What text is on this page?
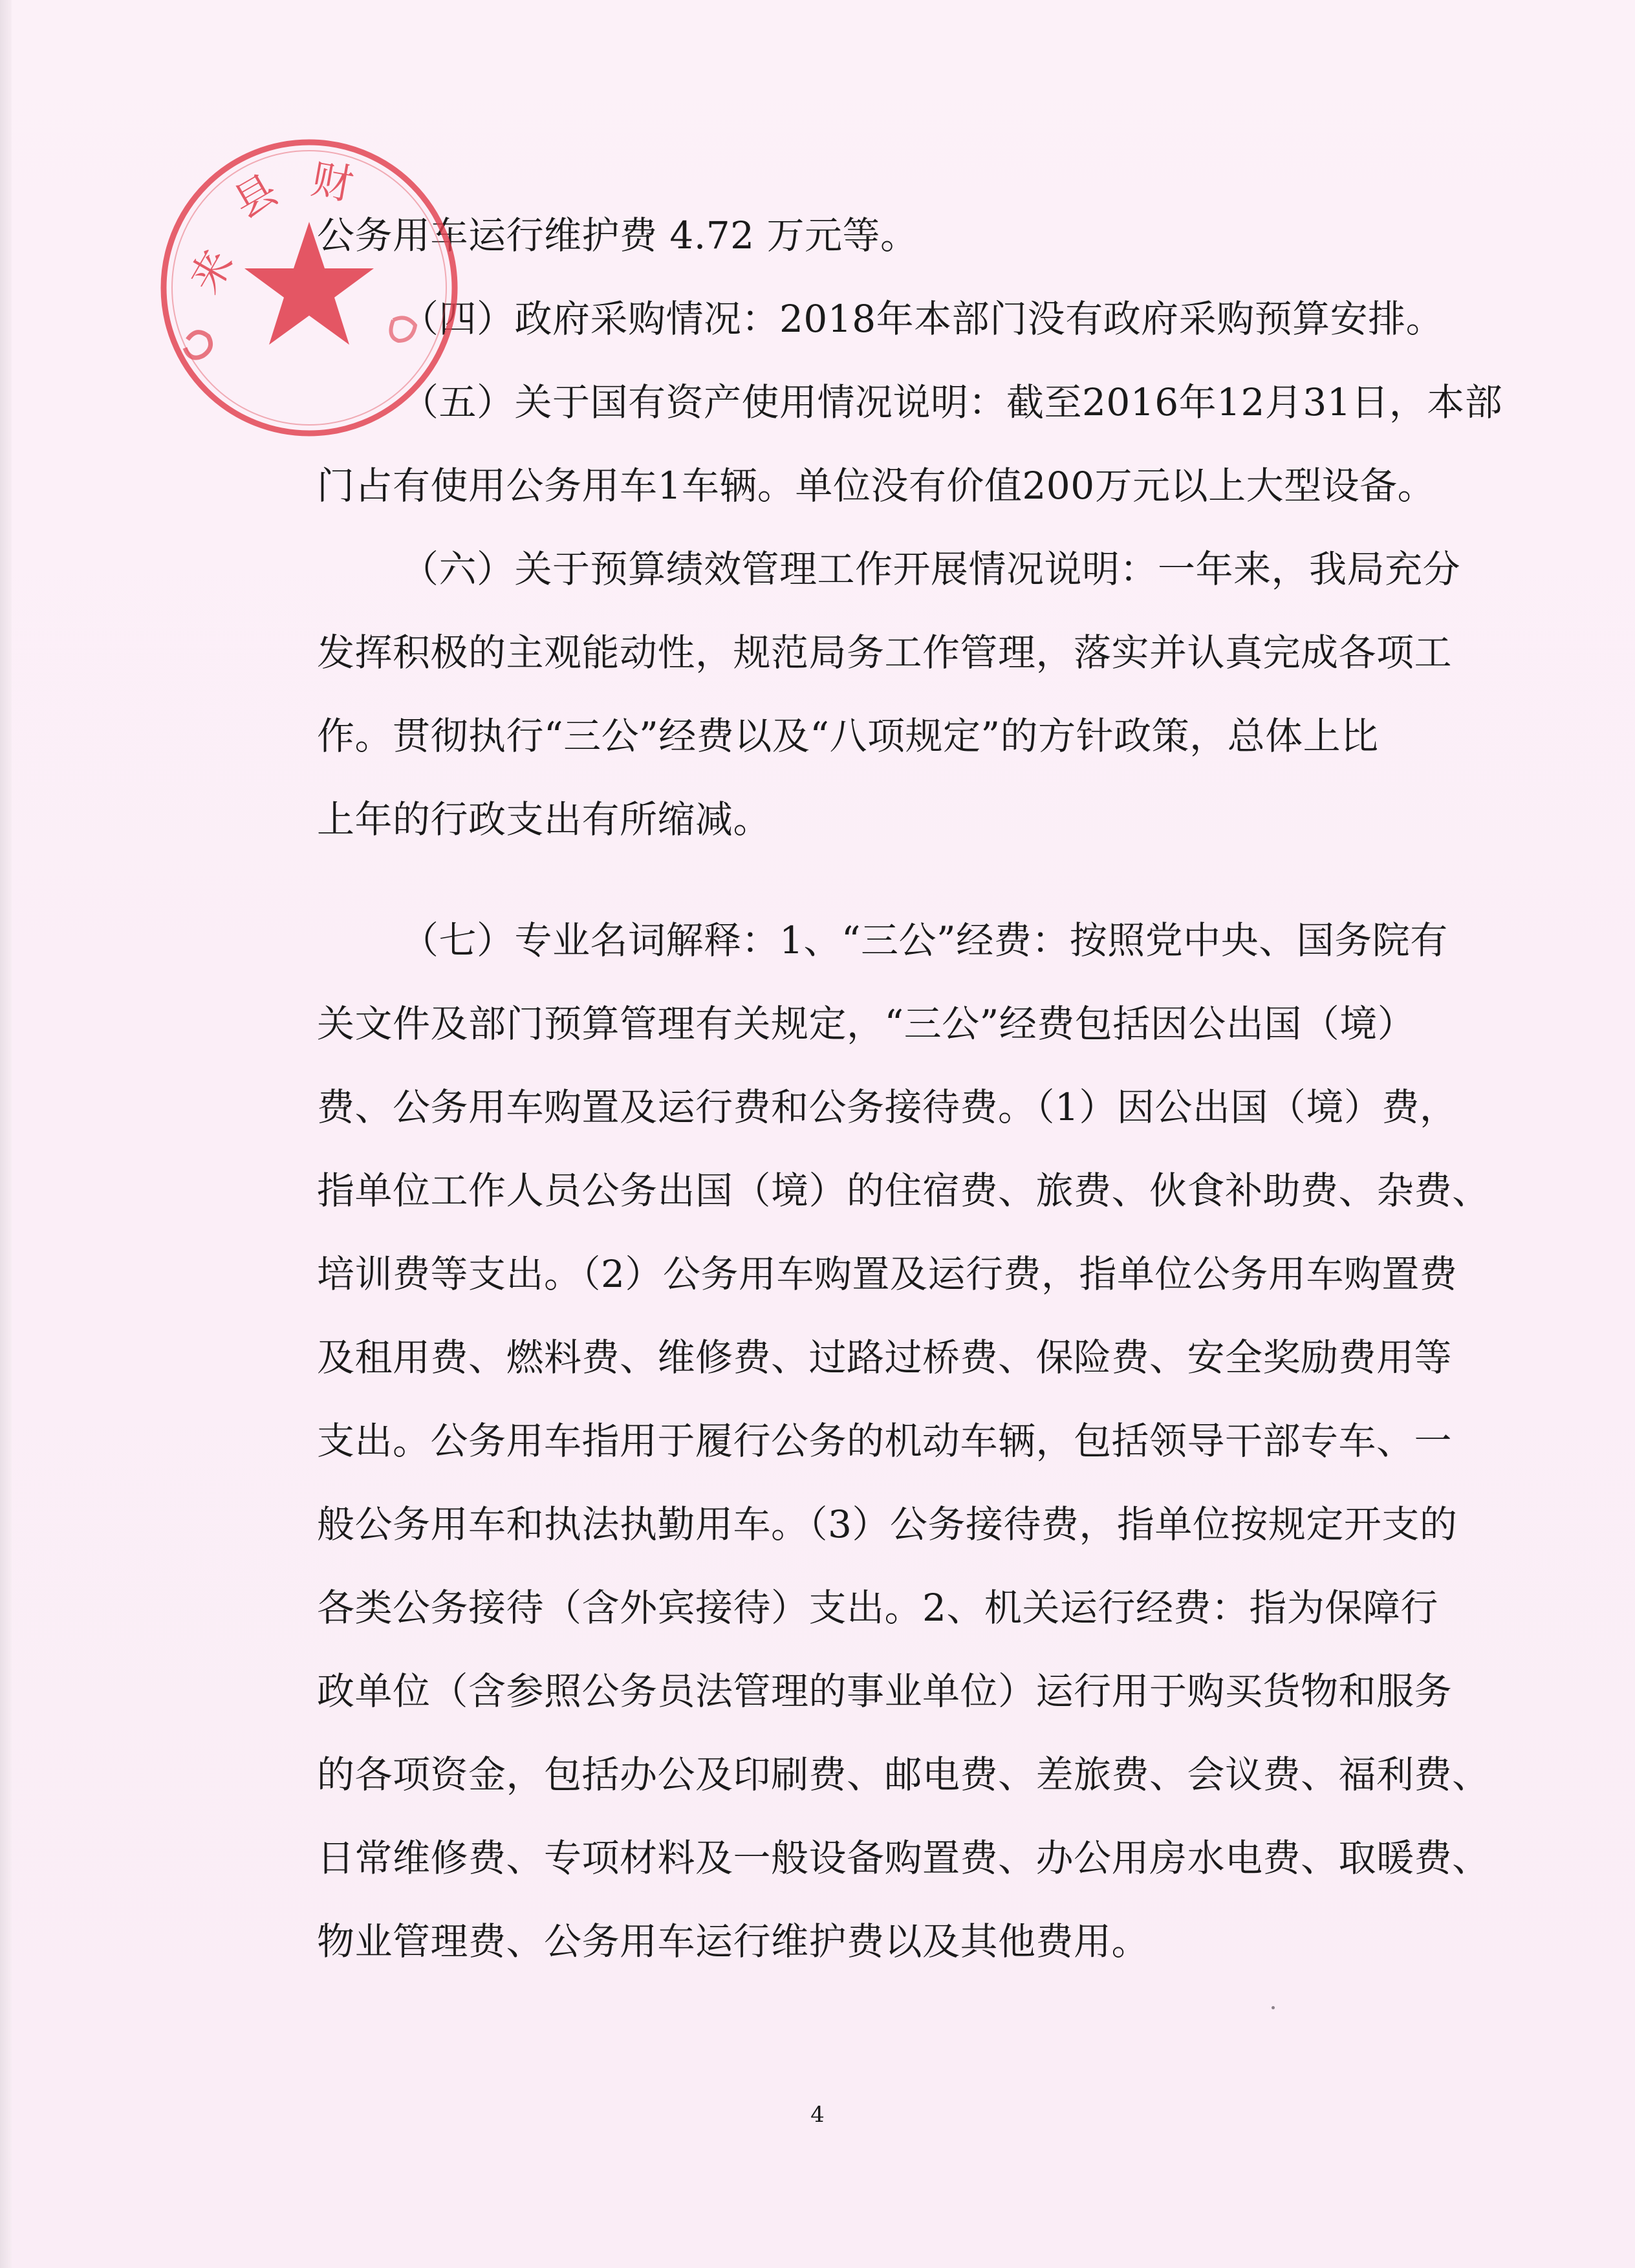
公务用车运行维护费 4.72 万元等。
（四）政府采购情况：2018年本部门没有政府采购预算安排。
（五）关于国有资产使用情况说明：截至2016年12月31日，本部
门占有使用公务用车1车辆。单位没有价值200万元以上大型设备。
（六）关于预算绩效管理工作开展情况说明：一年来，我局充分
发挥积极的主观能动性，规范局务工作管理，落实并认真完成各项工
作。贯彻执行“三公”经费以及“八项规定”的方针政策，总体上比
上年的行政支出有所缩减。
（七）专业名词解释：1、“三公”经费：按照党中央、国务院有
关文件及部门预算管理有关规定，“三公”经费包括因公出国（境）
费、公务用车购置及运行费和公务接待费。（1）因公出国（境）费，
指单位工作人员公务出国（境）的住宿费、旅费、伙食补助费、杂费、
培训费等支出。（2）公务用车购置及运行费，指单位公务用车购置费
及租用费、燃料费、维修费、过路过桥费、保险费、安全奖励费用等
支出。公务用车指用于履行公务的机动车辆，包括领导干部专车、一
般公务用车和执法执勤用车。（3）公务接待费，指单位按规定开支的
各类公务接待（含外宾接待）支出。2、机关运行经费：指为保障行
政单位（含参照公务员法管理的事业单位）运行用于购买货物和服务
的各项资金，包括办公及印刷费、邮电费、差旅费、会议费、福利费、
日常维修费、专项材料及一般设备购置费、办公用房水电费、取暖费、
物业管理费、公务用车运行维护费以及其他费用。
来
县 财
4
